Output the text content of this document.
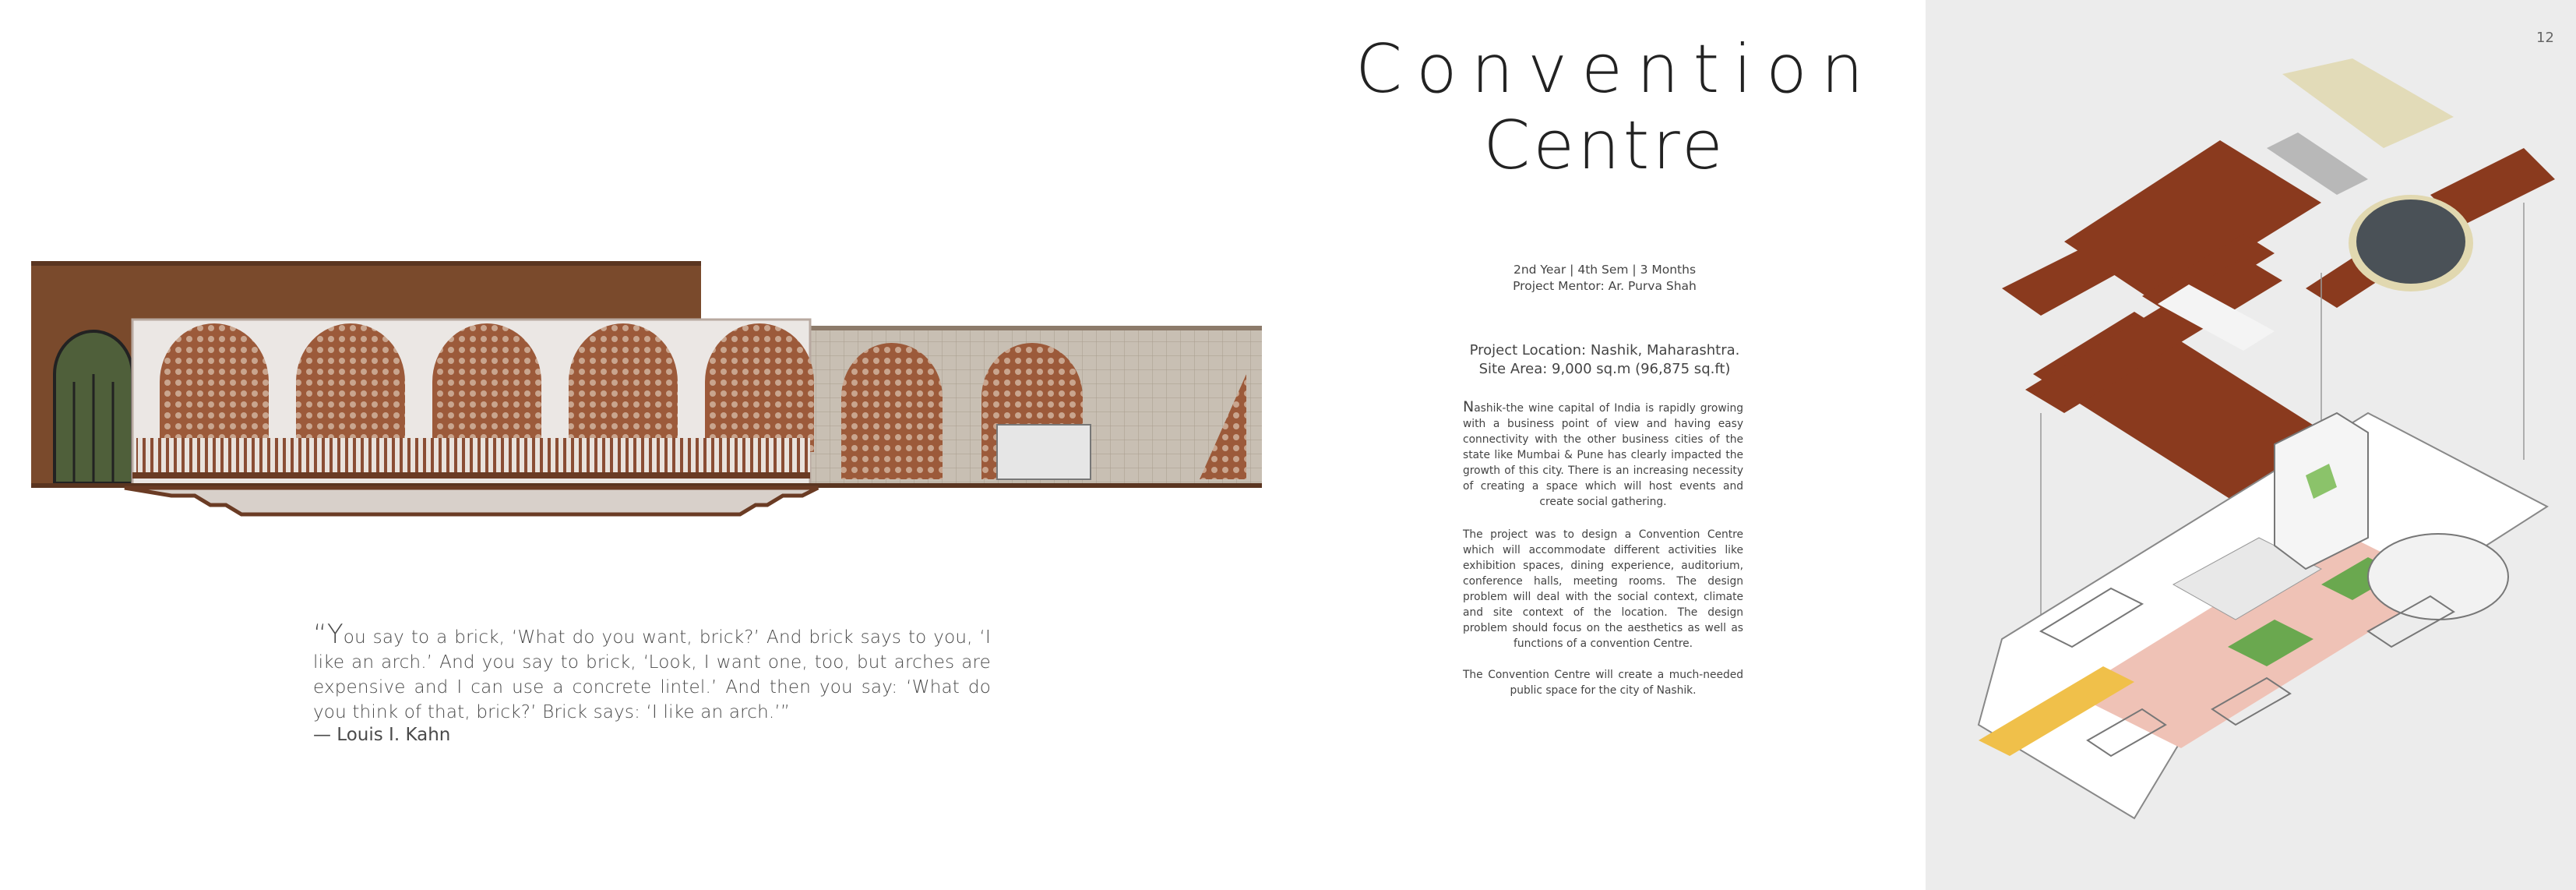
“You say to a brick, ‘What do you want, brick?’ And brick says to you, ‘I like an arch.’ And you say to brick, ‘Look, I want one, too, but arches are expensive and I can use a concrete lintel.’ And then you say: ‘What do you think of that, brick?’ Brick says: ‘I like an arch.’”
— Louis I. Kahn
Convention
Centre
2nd Year | 4th Sem | 3 Months
Project Mentor: Ar. Purva Shah
Project Location: Nashik, Maharashtra.
Site Area: 9,000 sq.m (96,875 sq.ft)
Nashik-the wine capital of India is rapidly growing with a business point of view and having easy connectivity with the other business cities of the state like Mumbai & Pune has clearly impacted the growth of this city. There is an increasing necessity of creating a space which will host events and create social gathering.
The project was to design a Convention Centre which will accommodate different activities like exhibition spaces, dining experience, auditorium, conference halls, meeting rooms. The design problem will deal with the social context, climate and site context of the location. The design problem should focus on the aesthetics as well as functions of a convention Centre.
The Convention Centre will create a much-needed public space for the city of Nashik.
12
